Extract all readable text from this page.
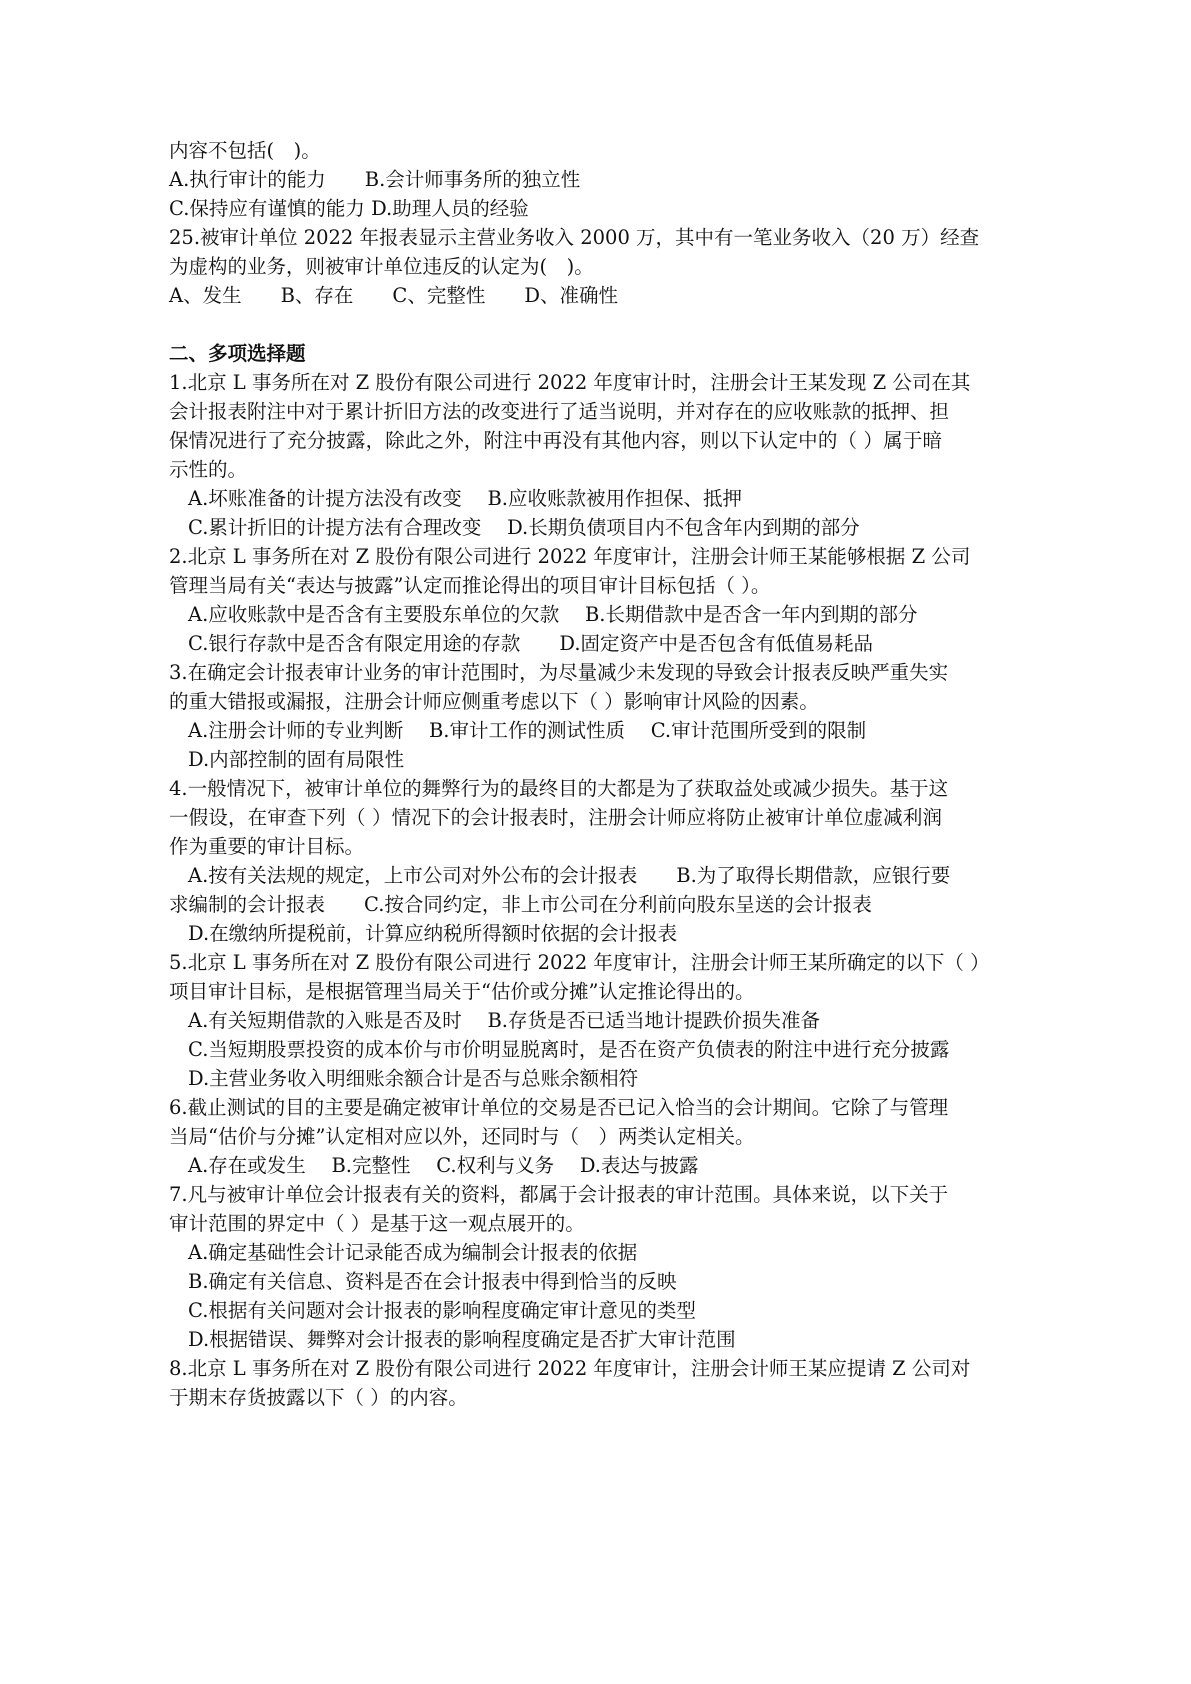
内容不包括(　)。
A.执行审计的能力　　B.会计师事务所的独立性
C.保持应有谨慎的能力 D.助理人员的经验
25.被审计单位 2022 年报表显示主营业务收入 2000 万，其中有一笔业务收入（20 万）经查
为虚构的业务，则被审计单位违反的认定为(　)。
A、发生　　B、存在　　C、完整性　　D、准确性
二、多项选择题
1.北京 L 事务所在对 Z 股份有限公司进行 2022 年度审计时，注册会计王某发现 Z 公司在其
会计报表附注中对于累计折旧方法的改变进行了适当说明，并对存在的应收账款的抵押、担
保情况进行了充分披露，除此之外，附注中再没有其他内容，则以下认定中的（ ）属于暗
示性的。
A.坏账准备的计提方法没有改变　 B.应收账款被用作担保、抵押
C.累计折旧的计提方法有合理改变　 D.长期负债项目内不包含年内到期的部分
2.北京 L 事务所在对 Z 股份有限公司进行 2022 年度审计，注册会计师王某能够根据 Z 公司
管理当局有关“表达与披露”认定而推论得出的项目审计目标包括（ ）。
A.应收账款中是否含有主要股东单位的欠款　 B.长期借款中是否含一年内到期的部分
C.银行存款中是否含有限定用途的存款　　D.固定资产中是否包含有低值易耗品
3.在确定会计报表审计业务的审计范围时，为尽量减少未发现的导致会计报表反映严重失实
的重大错报或漏报，注册会计师应侧重考虑以下（ ）影响审计风险的因素。
A.注册会计师的专业判断　 B.审计工作的测试性质　 C.审计范围所受到的限制
D.内部控制的固有局限性
4.一般情况下，被审计单位的舞弊行为的最终目的大都是为了获取益处或减少损失。基于这
一假设，在审查下列（ ）情况下的会计报表时，注册会计师应将防止被审计单位虚减利润
作为重要的审计目标。
A.按有关法规的规定，上市公司对外公布的会计报表　　B.为了取得长期借款，应银行要
求编制的会计报表　　C.按合同约定，非上市公司在分利前向股东呈送的会计报表
D.在缴纳所提税前，计算应纳税所得额时依据的会计报表
5.北京 L 事务所在对 Z 股份有限公司进行 2022 年度审计，注册会计师王某所确定的以下（ ）
项目审计目标，是根据管理当局关于“估价或分摊”认定推论得出的。
A.有关短期借款的入账是否及时　 B.存货是否已适当地计提跌价损失准备
C.当短期股票投资的成本价与市价明显脱离时，是否在资产负债表的附注中进行充分披露
D.主营业务收入明细账余额合计是否与总账余额相符
6.截止测试的目的主要是确定被审计单位的交易是否已记入恰当的会计期间。它除了与管理
当局“估价与分摊”认定相对应以外，还同时与（　）两类认定相关。
A.存在或发生　 B.完整性　 C.权利与义务　 D.表达与披露
7.凡与被审计单位会计报表有关的资料，都属于会计报表的审计范围。具体来说，以下关于
审计范围的界定中（ ）是基于这一观点展开的。
A.确定基础性会计记录能否成为编制会计报表的依据
B.确定有关信息、资料是否在会计报表中得到恰当的反映
C.根据有关问题对会计报表的影响程度确定审计意见的类型
D.根据错误、舞弊对会计报表的影响程度确定是否扩大审计范围
8.北京 L 事务所在对 Z 股份有限公司进行 2022 年度审计，注册会计师王某应提请 Z 公司对
于期末存货披露以下（ ）的内容。
